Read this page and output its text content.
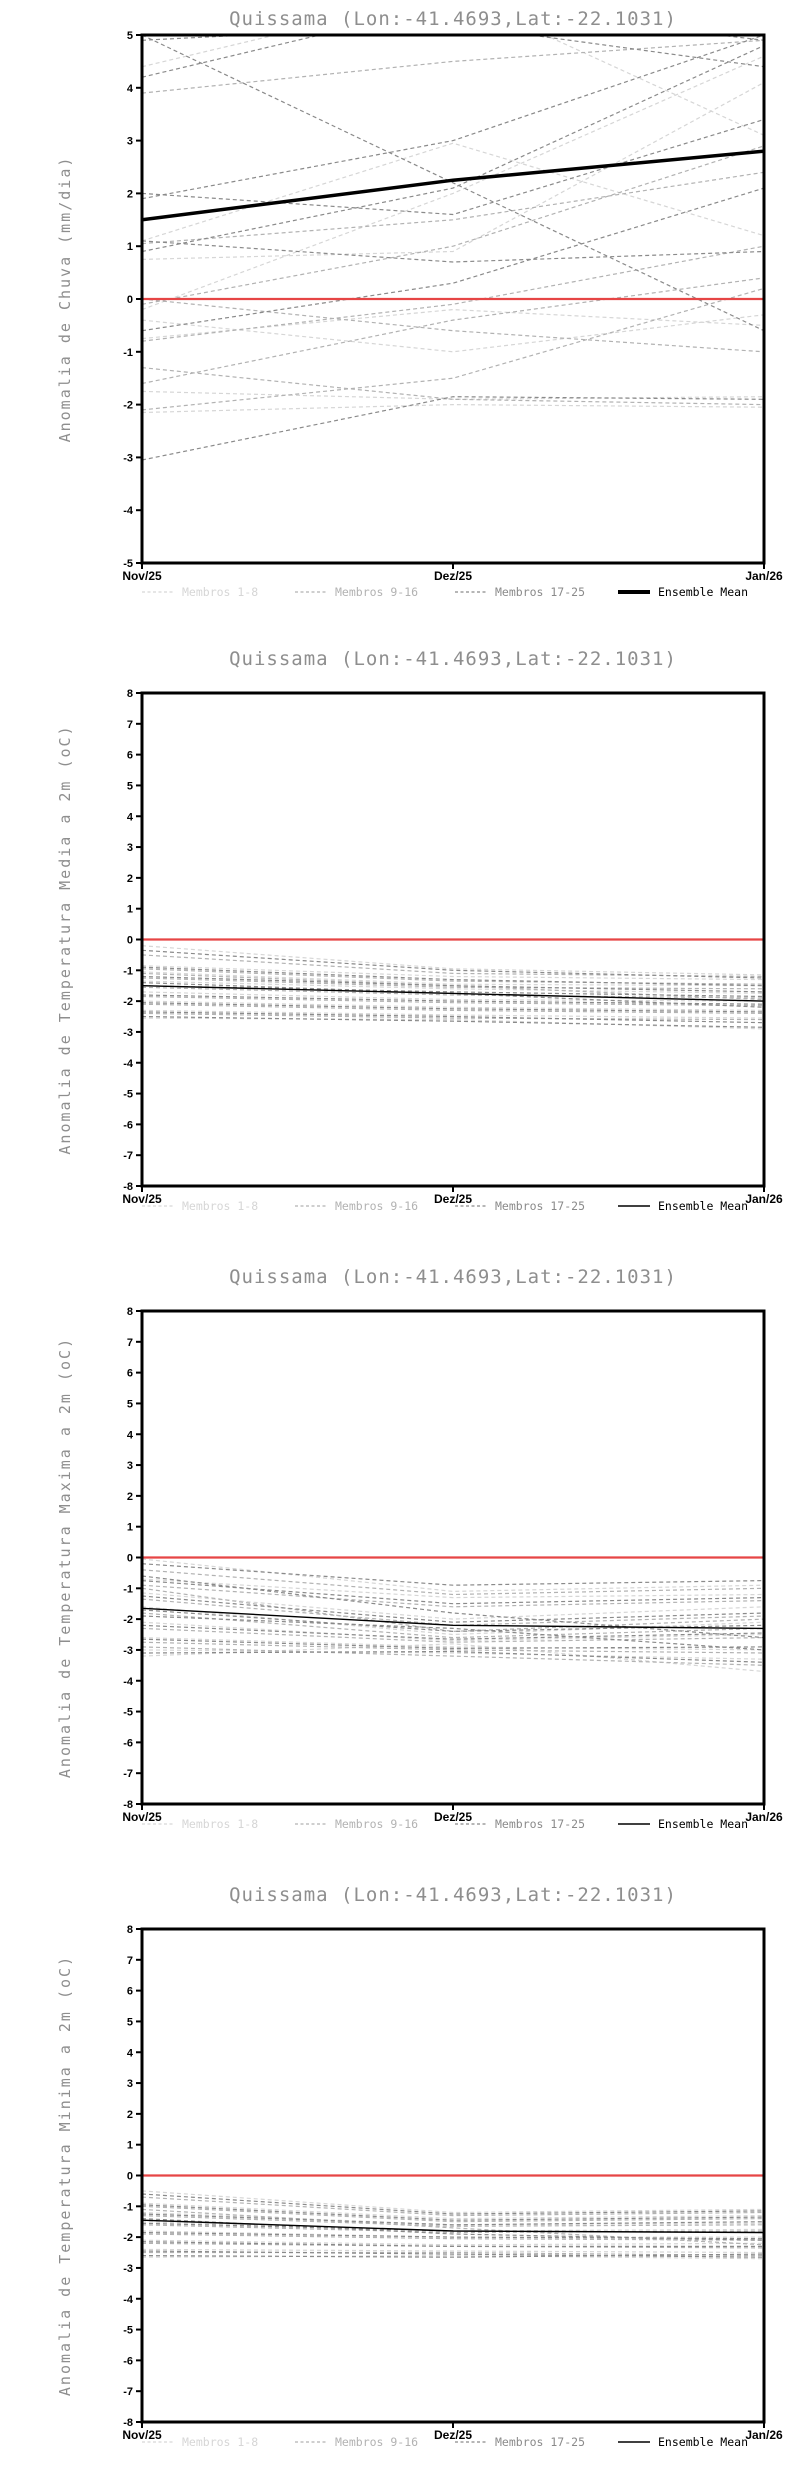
-5
-4
-3
-2
-1
0
1
2
3
4
5
Nov/25	Dez/25	Jan/26
Quissama (Lon:-41.4693,Lat:-22.1031)
Anomalia de Chuva (mm/dia)
Membros 1-8	Membros 9-16	Membros 17-25	Ensemble Mean
-8
-7
-6
-5
-4
-3
-2
-1
0
1
2
3
4
5
6
7
8
Nov/25	Dez/25	Jan/26
Quissama (Lon:-41.4693,Lat:-22.1031)
Anomalia de Temperatura Media a 2m (oC)
Membros 1-8	Membros 9-16	Membros 17-25	Ensemble Mean
-8
-7
-6
-5
-4
-3
-2
-1
0
1
2
3
4
5
6
7
8
Nov/25	Dez/25	Jan/26
Quissama (Lon:-41.4693,Lat:-22.1031)
Anomalia de Temperatura Maxima a 2m (oC)
Membros 1-8	Membros 9-16	Membros 17-25	Ensemble Mean
-8
-7
-6
-5
-4
-3
-2
-1
0
1
2
3
4
5
6
7
8
Nov/25	Dez/25	Jan/26
Quissama (Lon:-41.4693,Lat:-22.1031)
Anomalia de Temperatura Minima a 2m (oC)
Membros 1-8	Membros 9-16	Membros 17-25	Ensemble Mean
